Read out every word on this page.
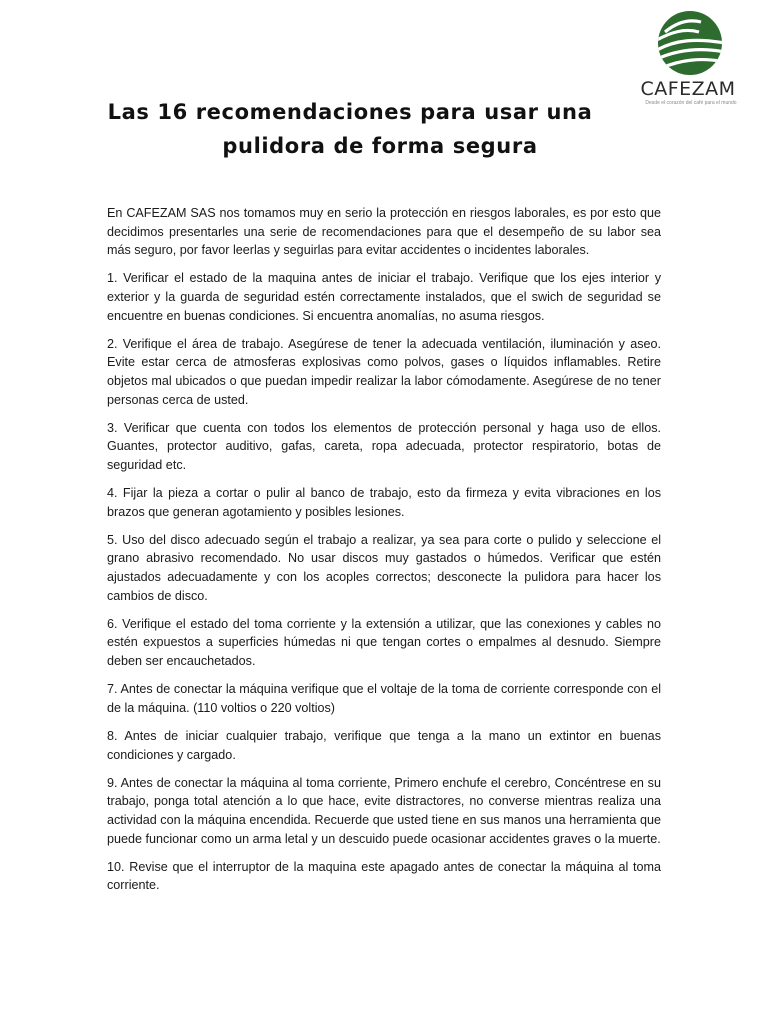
CAFEZAM
Desde el corazón del café para el mundo
Las 16 recomendaciones para usar una
pulidora de forma segura

En CAFEZAM SAS nos tomamos muy en serio la protección en riesgos laborales, es por esto que decidimos presentarles una serie de recomendaciones para que el desempeño de su labor sea más seguro, por favor leerlas y seguirlas para evitar accidentes o incidentes laborales.

1. Verificar el estado de la maquina antes de iniciar el trabajo. Verifique que los ejes interior y exterior y la guarda de seguridad estén correctamente instalados, que el swich de seguridad se encuentre en buenas condiciones. Si encuentra anomalías, no asuma riesgos.

2. Verifique el área de trabajo. Asegúrese de tener la adecuada ventilación, iluminación y aseo. Evite estar cerca de atmosferas explosivas como polvos, gases o líquidos inflamables. Retire objetos mal ubicados o que puedan impedir realizar la labor cómodamente. Asegúrese de no tener personas cerca de usted.

3. Verificar que cuenta con todos los elementos de protección personal y haga uso de ellos. Guantes, protector auditivo, gafas, careta, ropa adecuada, protector respiratorio, botas de seguridad etc.

4. Fijar la pieza a cortar o pulir al banco de trabajo, esto da firmeza y evita vibraciones en los brazos que generan agotamiento y posibles lesiones.

5. Uso del disco adecuado según el trabajo a realizar, ya sea para corte o pulido y seleccione el grano abrasivo recomendado. No usar discos muy gastados o húmedos. Verificar que estén ajustados adecuadamente y con los acoples correctos; desconecte la pulidora para hacer los cambios de disco.

6. Verifique el estado del toma corriente y la extensión a utilizar, que las conexiones y cables no estén expuestos a superficies húmedas ni que tengan cortes o empalmes al desnudo. Siempre deben ser encauchetados.

7. Antes de conectar la máquina verifique que el voltaje de la toma de corriente corresponde con el de la máquina. (110 voltios o 220 voltios)

8. Antes de iniciar cualquier trabajo, verifique que tenga a la mano un extintor en buenas condiciones y cargado.

9. Antes de conectar la máquina al toma corriente, Primero enchufe el cerebro, Concéntrese en su trabajo, ponga total atención a lo que hace, evite distractores, no converse mientras realiza una actividad con la máquina encendida. Recuerde que usted tiene en sus manos una herramienta que puede funcionar como un arma letal y un descuido puede ocasionar accidentes graves o la muerte.

10. Revise que el interruptor de la maquina este apagado antes de conectar la máquina al toma corriente.
